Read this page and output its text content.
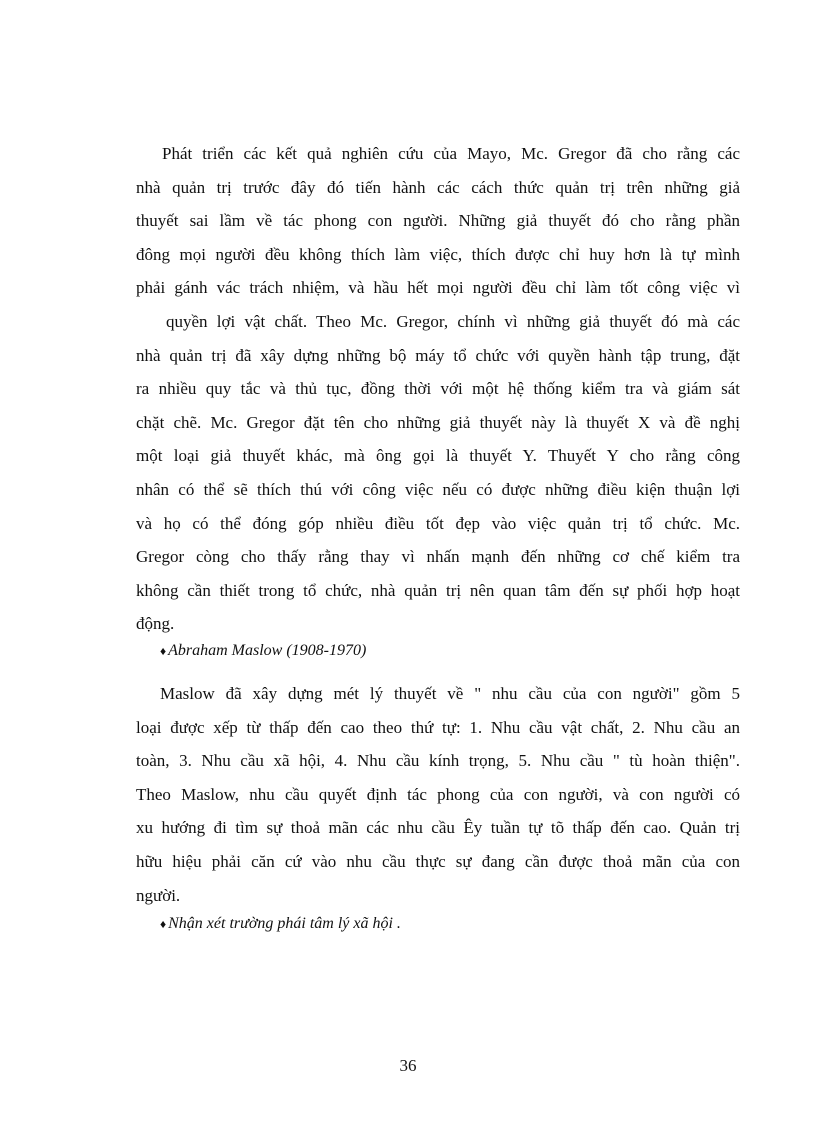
Phát triển các kết quả nghiên cứu của Mayo, Mc. Gregor đã cho rằng các
nhà quản trị trước đây đó tiến hành các cách thức quản trị trên những giả
thuyết sai lầm về tác phong con người. Những giả thuyết đó cho rằng phần
đông mọi người đều không thích làm việc, thích được chỉ huy hơn là tự mình
phải gánh vác trách nhiệm, và hầu hết mọi người đều chỉ làm tốt công việc vì

quyền lợi vật chất. Theo Mc. Gregor, chính vì những giả thuyết đó mà các
nhà quản trị đã xây dựng những bộ máy tổ chức với quyền hành tập trung, đặt
ra nhiều quy tắc và thủ tục, đồng thời với một hệ thống kiểm tra và giám sát
chặt chẽ. Mc. Gregor đặt tên cho những giả thuyết này là thuyết X và đề nghị
một loại giả thuyết khác, mà ông gọi là thuyết Y. Thuyết Y cho rằng công
nhân có thể sẽ thích thú với công việc nếu có được những điều kiện thuận lợi
và họ có thể đóng góp nhiều điều tốt đẹp vào việc quản trị tổ chức. Mc.
Gregor còng cho thấy rằng thay vì nhấn mạnh đến những cơ chế kiểm tra
không cần thiết trong tổ chức, nhà quản trị nên quan tâm đến sự phối hợp hoạt
động.

♦ Abraham Maslow (1908-1970)

Maslow đã xây dựng mét lý thuyết về " nhu cầu của con người" gồm 5
loại được xếp từ thấp đến cao theo thứ tự: 1. Nhu cầu vật chất, 2. Nhu cầu an
toàn, 3. Nhu cầu xã hội, 4. Nhu cầu kính trọng, 5. Nhu cầu " tù hoàn thiện".
Theo Maslow, nhu cầu quyết định tác phong của con người, và con người có
xu hướng đi tìm sự thoả mãn các nhu cầu Êy tuần tự tõ thấp đến cao. Quản trị
hữu hiệu phải căn cứ vào nhu cầu thực sự đang cần được thoả mãn của con
người.

♦ Nhận xét trường phái tâm lý xã hội .

36
